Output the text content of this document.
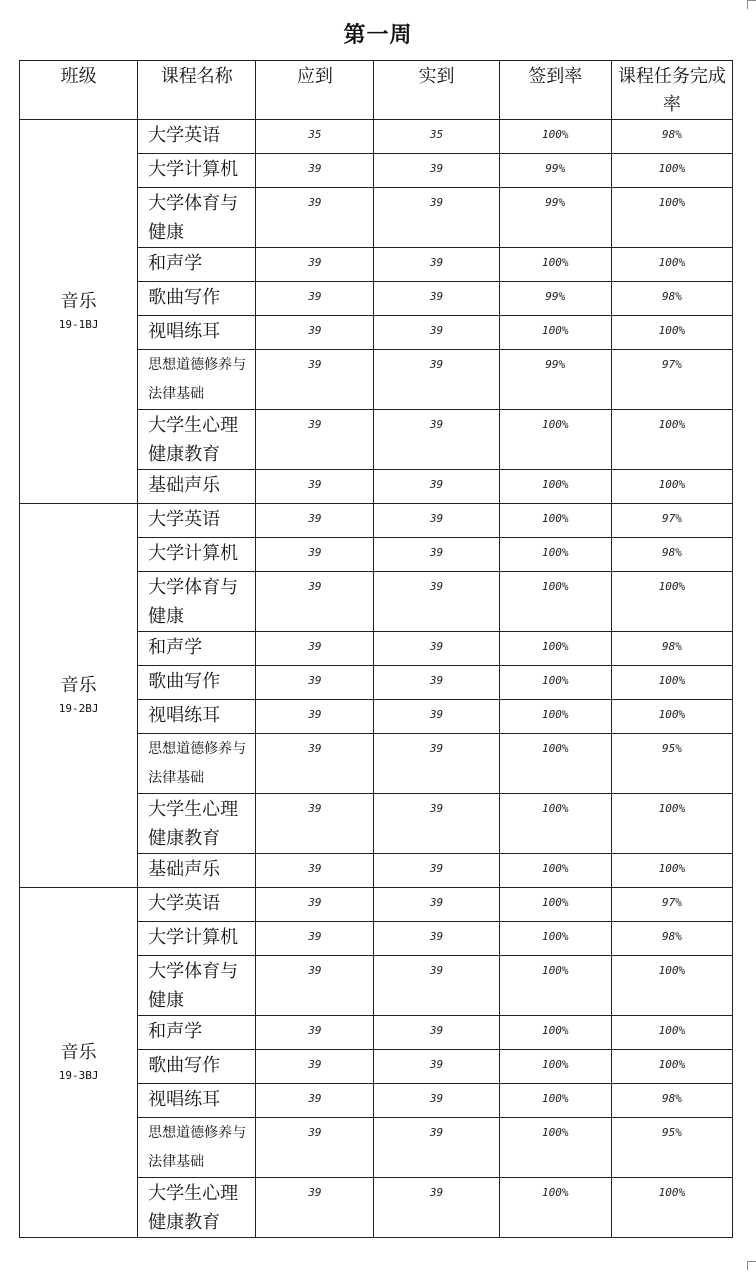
第一周
班级	课程名称	应到	实到	签到率	课程任务完成率

音乐
19-1BJ	大学英语	35	35	100%	98%
	大学计算机	39	39	99%	100%
	大学体育与健康	39	39	99%	100%
	和声学	39	39	100%	100%
	歌曲写作	39	39	99%	98%
	视唱练耳	39	39	100%	100%
	思想道德修养与法律基础	39	39	99%	97%
	大学生心理健康教育	39	39	100%	100%
	基础声乐	39	39	100%	100%

音乐
19-2BJ	大学英语	39	39	100%	97%
	大学计算机	39	39	100%	98%
	大学体育与健康	39	39	100%	100%
	和声学	39	39	100%	98%
	歌曲写作	39	39	100%	100%
	视唱练耳	39	39	100%	100%
	思想道德修养与法律基础	39	39	100%	95%
	大学生心理健康教育	39	39	100%	100%
	基础声乐	39	39	100%	100%

音乐
19-3BJ	大学英语	39	39	100%	97%
	大学计算机	39	39	100%	98%
	大学体育与健康	39	39	100%	100%
	和声学	39	39	100%	100%
	歌曲写作	39	39	100%	100%
	视唱练耳	39	39	100%	98%
	思想道德修养与法律基础	39	39	100%	95%
	大学生心理健康教育	39	39	100%	100%
